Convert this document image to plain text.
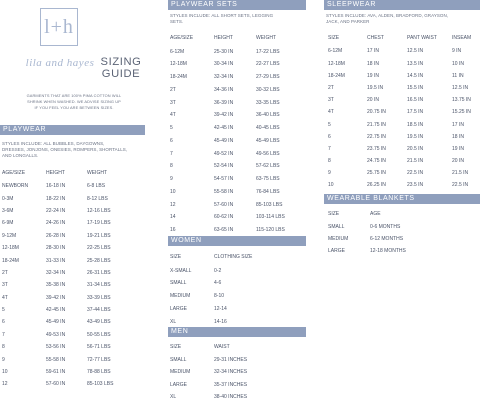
l+h
lila and hayes SIZING
GUIDE
GARMENTS THAT ARE 100% PIMA COTTON WILL
SHRINK WHEN WASHED. WE ADVISE SIZING UP
IF YOU FEEL YOU ARE BETWEEN SIZES.
PLAYWEAR
STYLES INCLUDE: ALL BUBBLES, DAYGOWNS,
DRESSES, JONJONS, ONESIES, ROMPERS, SHORTALLS,
AND LONGALLS.
AGE/SIZE	HEIGHT	WEIGHT
NEWBORN	16-18 IN	6-8 LBS
0-3M	18-22 IN	8-12 LBS
3-6M	22-24 IN	12-16 LBS
6-9M	24-26 IN	17-19 LBS
9-12M	26-28 IN	19-21 LBS
12-18M	28-30 IN	22-25 LBS
18-24M	31-33 IN	25-28 LBS
2T	32-34 IN	26-31 LBS
3T	35-38 IN	31-34 LBS
4T	39-42 IN	33-39 LBS
5	42-45 IN	37-44 LBS
6	45-49 IN	43-49 LBS
7	49-53 IN	50-55 LBS
8	53-56 IN	56-71 LBS
9	55-58 IN	72-77 LBS
10	59-61 IN	78-88 LBS
12	57-60 IN	85-103 LBS
PLAYWEAR SETS
STYLES INCLUDE: ALL SHORT SETS, LEGGING
SETS.
AGE/SIZE	HEIGHT	WEIGHT
6-12M	25-30 IN	17-22 LBS
12-18M	30-34 IN	22-27 LBS
18-24M	32-34 IN	27-29 LBS
2T	34-36 IN	30-32 LBS
3T	36-39 IN	33-35 LBS
4T	39-42 IN	36-40 LBS
5	42-45 IN	40-45 LBS
6	45-49 IN	45-49 LBS
7	49-52 IN	49-56 LBS
8	52-54 IN	57-62 LBS
9	54-57 IN	63-75 LBS
10	55-58 IN	76-84 LBS
12	57-60 IN	85-103 LBS
14	60-62 IN	103-114 LBS
16	63-65 IN	115-120 LBS
WOMEN
SIZE	CLOTHING SIZE
X-SMALL	0-2
SMALL	4-6
MEDIUM	8-10
LARGE	12-14
XL	14-16
MEN
SIZE	WAIST
SMALL	29-31 INCHES
MEDIUM	32-34 INCHES
LARGE	35-37 INCHES
XL	38-40 INCHES
SLEEPWEAR
STYLES INCLUDE: AVA, ALDEN, BRADFORD, GRAYSON,
JACK, AND PARKER
SIZE	CHEST	PANT WAIST	INSEAM
6-12M	17 IN	12.5 IN	9 IN
12-18M	18 IN	13.5 IN	10 IN
18-24M	19 IN	14.5 IN	11 IN
2T	19.5 IN	15.5 IN	12.5 IN
3T	20 IN	16.5 IN	13.75 IN
4T	20.75 IN	17.5 IN	15.25 IN
5	21.75 IN	18.5 IN	17 IN
6	22.75 IN	19.5 IN	18 IN
7	23.75 IN	20.5 IN	19 IN
8	24.75 IN	21.5 IN	20 IN
9	25.75 IN	22.5 IN	21.5 IN
10	26.25 IN	23.5 IN	22.5 IN
WEARABLE BLANKETS
SIZE	AGE
SMALL	0-6 MONTHS
MEDIUM	6-12 MONTHS
LARGE	12-18 MONTHS
